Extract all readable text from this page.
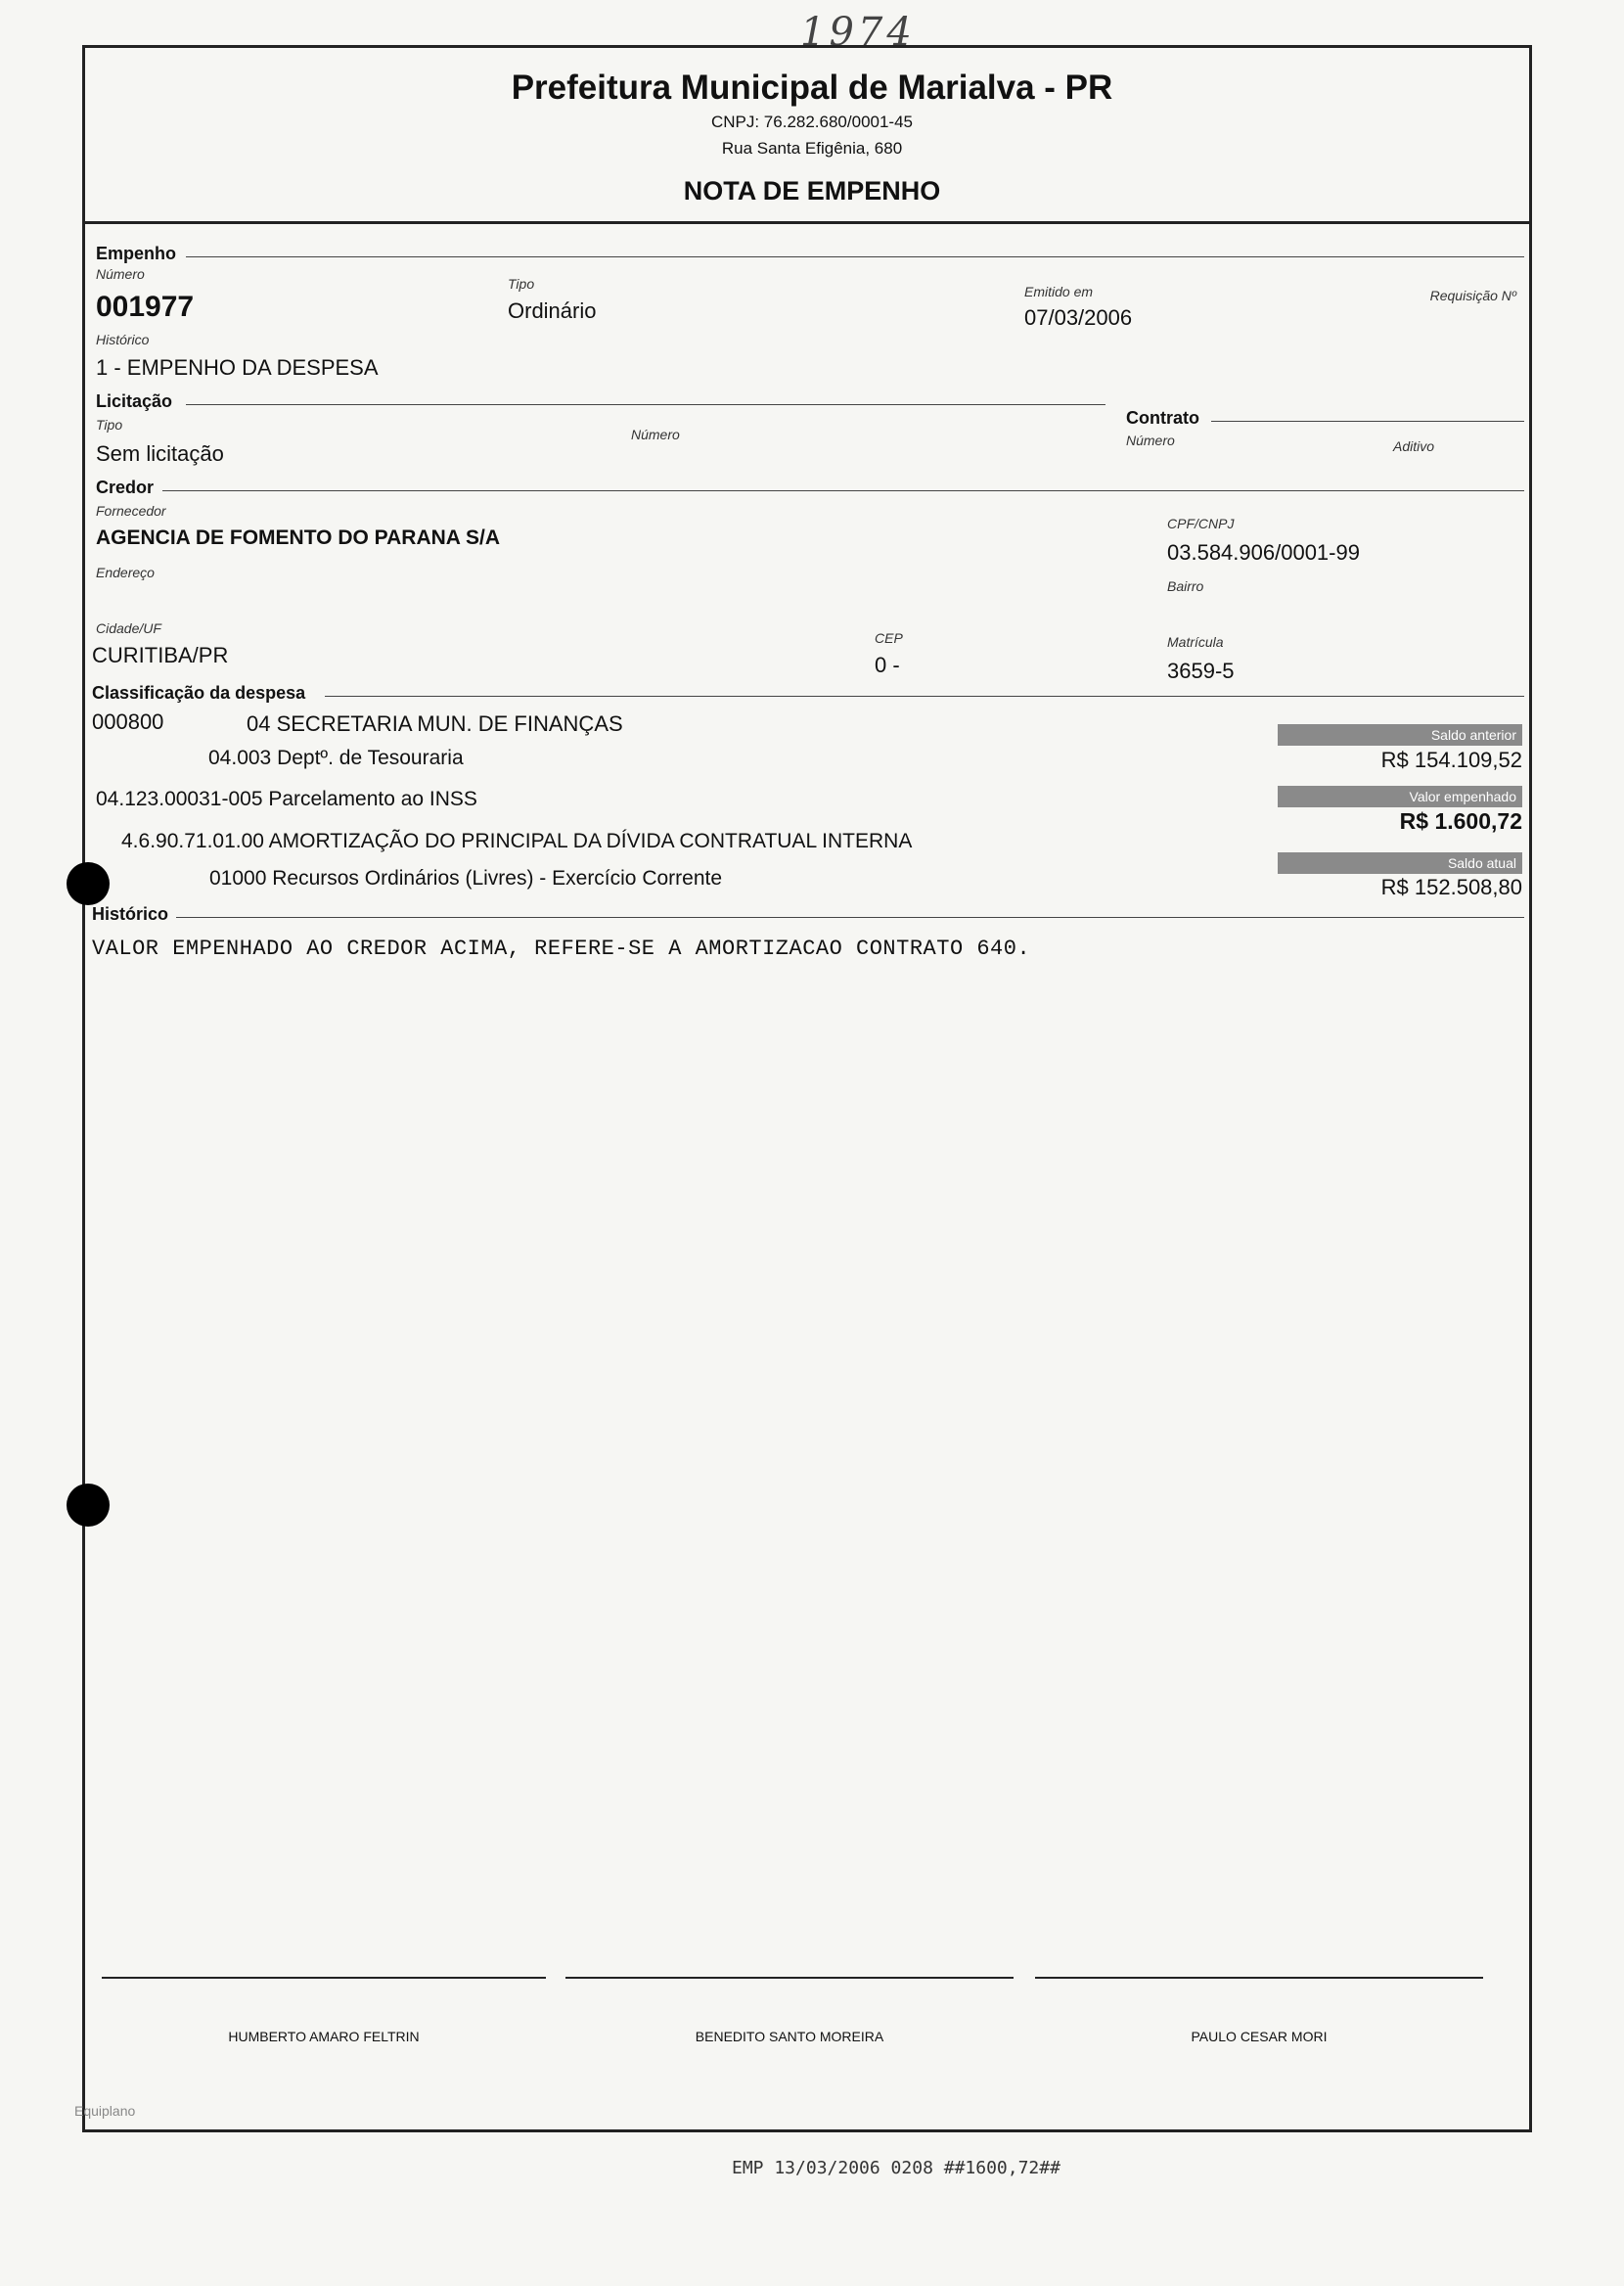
1974
Prefeitura Municipal de Marialva - PR
CNPJ: 76.282.680/0001-45
Rua Santa Efigênia, 680
NOTA DE EMPENHO
Empenho
Número
001977
Tipo
Ordinário
Emitido em
07/03/2006
Requisição Nº
Histórico
1 - EMPENHO DA DESPESA
Licitação
Tipo
Sem licitação
Número
Contrato
Número	Aditivo
Credor
Fornecedor
AGENCIA DE FOMENTO DO PARANA S/A
CPF/CNPJ
03.584.906/0001-99
Endereço
Bairro
Cidade/UF
CURITIBA/PR
CEP
0 -
Matrícula
3659-5
Classificação da despesa
000800	04 SECRETARIA MUN. DE FINANÇAS
04.003 Deptº. de Tesouraria
04.123.00031-005 Parcelamento ao INSS
4.6.90.71.01.00 AMORTIZAÇÃO DO PRINCIPAL DA DÍVIDA CONTRATUAL INTERNA
01000 Recursos Ordinários (Livres) - Exercício Corrente
Saldo anterior
R$ 154.109,52
Valor empenhado
R$ 1.600,72
Saldo atual
R$ 152.508,80
Histórico
VALOR EMPENHADO AO CREDOR ACIMA, REFERE-SE A AMORTIZACAO CONTRATO 640.
HUMBERTO AMARO FELTRIN	BENEDITO SANTO MOREIRA	PAULO CESAR MORI
Equiplano
EMP 13/03/2006 0208 ##1600,72##
